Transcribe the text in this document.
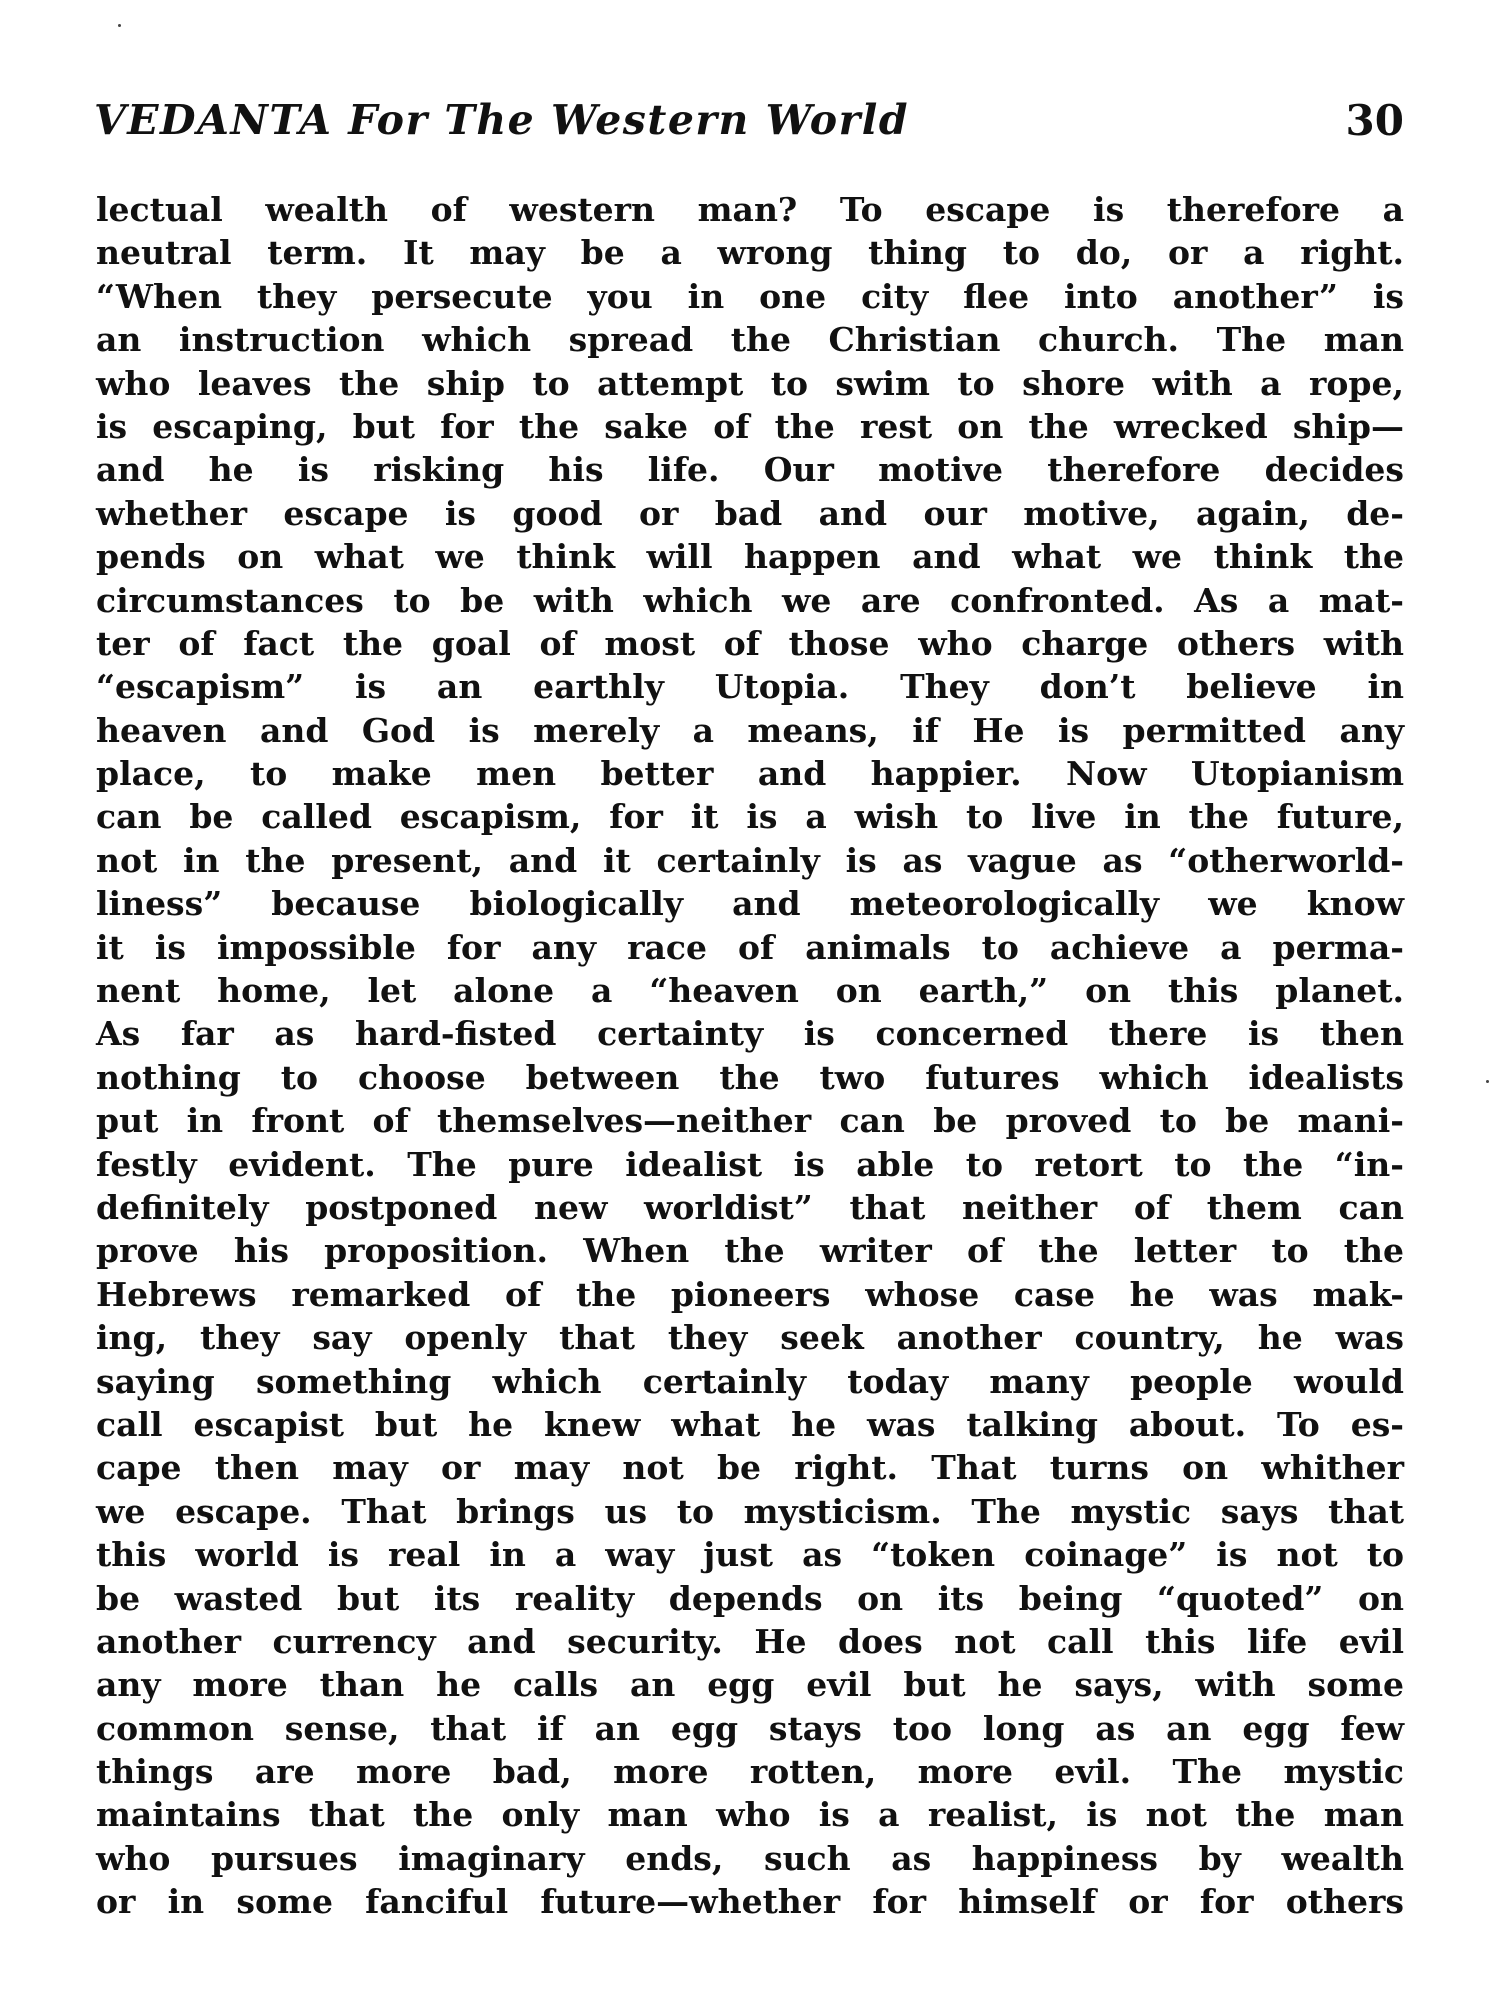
VEDANTA For The Western World	30
lectual wealth of western man? To escape is therefore a
neutral term. It may be a wrong thing to do, or a right.
“When they persecute you in one city flee into another” is
an instruction which spread the Christian church. The man
who leaves the ship to attempt to swim to shore with a rope,
is escaping, but for the sake of the rest on the wrecked ship—
and he is risking his life. Our motive therefore decides
whether escape is good or bad and our motive, again, de-
pends on what we think will happen and what we think the
circumstances to be with which we are confronted. As a mat-
ter of fact the goal of most of those who charge others with
“escapism” is an earthly Utopia. They don’t believe in
heaven and God is merely a means, if He is permitted any
place, to make men better and happier. Now Utopianism
can be called escapism, for it is a wish to live in the future,
not in the present, and it certainly is as vague as “otherworld-
liness” because biologically and meteorologically we know
it is impossible for any race of animals to achieve a perma-
nent home, let alone a “heaven on earth,” on this planet.
As far as hard-fisted certainty is concerned there is then
nothing to choose between the two futures which idealists
put in front of themselves—neither can be proved to be mani-
festly evident. The pure idealist is able to retort to the “in-
definitely postponed new worldist” that neither of them can
prove his proposition. When the writer of the letter to the
Hebrews remarked of the pioneers whose case he was mak-
ing, they say openly that they seek another country, he was
saying something which certainly today many people would
call escapist but he knew what he was talking about. To es-
cape then may or may not be right. That turns on whither
we escape. That brings us to mysticism. The mystic says that
this world is real in a way just as “token coinage” is not to
be wasted but its reality depends on its being “quoted” on
another currency and security. He does not call this life evil
any more than he calls an egg evil but he says, with some
common sense, that if an egg stays too long as an egg few
things are more bad, more rotten, more evil. The mystic
maintains that the only man who is a realist, is not the man
who pursues imaginary ends, such as happiness by wealth
or in some fanciful future—whether for himself or for others
